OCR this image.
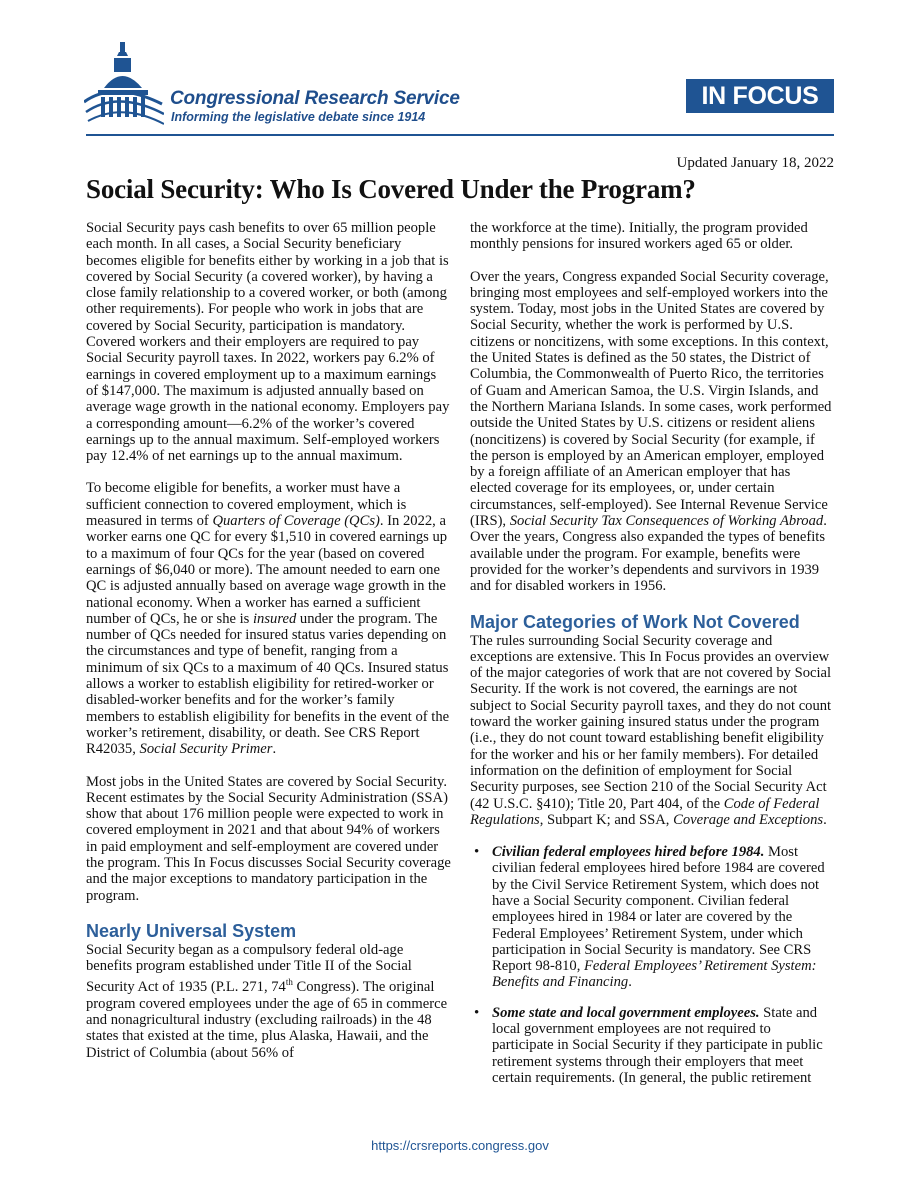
Congressional Research Service
Informing the legislative debate since 1914
IN FOCUS
Updated January 18, 2022
Social Security: Who Is Covered Under the Program?

Social Security pays cash benefits to over 65 million people each month. In all cases, a Social Security beneficiary becomes eligible for benefits either by working in a job that is covered by Social Security (a covered worker), by having a close family relationship to a covered worker, or both (among other requirements). For people who work in jobs that are covered by Social Security, participation is mandatory. Covered workers and their employers are required to pay Social Security payroll taxes. In 2022, workers pay 6.2% of earnings in covered employment up to a maximum earnings of $147,000. The maximum is adjusted annually based on average wage growth in the national economy. Employers pay a corresponding amount—6.2% of the worker’s covered earnings up to the annual maximum. Self-employed workers pay 12.4% of net earnings up to the annual maximum.

To become eligible for benefits, a worker must have a sufficient connection to covered employment, which is measured in terms of Quarters of Coverage (QCs). In 2022, a worker earns one QC for every $1,510 in covered earnings up to a maximum of four QCs for the year (based on covered earnings of $6,040 or more). The amount needed to earn one QC is adjusted annually based on average wage growth in the national economy. When a worker has earned a sufficient number of QCs, he or she is insured under the program. The number of QCs needed for insured status varies depending on the circumstances and type of benefit, ranging from a minimum of six QCs to a maximum of 40 QCs. Insured status allows a worker to establish eligibility for retired-worker or disabled-worker benefits and for the worker’s family members to establish eligibility for benefits in the event of the worker’s retirement, disability, or death. See CRS Report R42035, Social Security Primer.

Most jobs in the United States are covered by Social Security. Recent estimates by the Social Security Administration (SSA) show that about 176 million people were expected to work in covered employment in 2021 and that about 94% of workers in paid employment and self-employment are covered under the program. This In Focus discusses Social Security coverage and the major exceptions to mandatory participation in the program.

Nearly Universal System

Social Security began as a compulsory federal old-age benefits program established under Title II of the Social Security Act of 1935 (P.L. 271, 74th Congress). The original program covered employees under the age of 65 in commerce and nonagricultural industry (excluding railroads) in the 48 states that existed at the time, plus Alaska, Hawaii, and the District of Columbia (about 56% of

the workforce at the time). Initially, the program provided monthly pensions for insured workers aged 65 or older.

Over the years, Congress expanded Social Security coverage, bringing most employees and self-employed workers into the system. Today, most jobs in the United States are covered by Social Security, whether the work is performed by U.S. citizens or noncitizens, with some exceptions. In this context, the United States is defined as the 50 states, the District of Columbia, the Commonwealth of Puerto Rico, the territories of Guam and American Samoa, the U.S. Virgin Islands, and the Northern Mariana Islands. In some cases, work performed outside the United States by U.S. citizens or resident aliens (noncitizens) is covered by Social Security (for example, if the person is employed by an American employer, employed by a foreign affiliate of an American employer that has elected coverage for its employees, or, under certain circumstances, self-employed). See Internal Revenue Service (IRS), Social Security Tax Consequences of Working Abroad. Over the years, Congress also expanded the types of benefits available under the program. For example, benefits were provided for the worker’s dependents and survivors in 1939 and for disabled workers in 1956.

Major Categories of Work Not Covered

The rules surrounding Social Security coverage and exceptions are extensive. This In Focus provides an overview of the major categories of work that are not covered by Social Security. If the work is not covered, the earnings are not subject to Social Security payroll taxes, and they do not count toward the worker gaining insured status under the program (i.e., they do not count toward establishing benefit eligibility for the worker and his or her family members). For detailed information on the definition of employment for Social Security purposes, see Section 210 of the Social Security Act (42 U.S.C. §410); Title 20, Part 404, of the Code of Federal Regulations, Subpart K; and SSA, Coverage and Exceptions.

• Civilian federal employees hired before 1984. Most civilian federal employees hired before 1984 are covered by the Civil Service Retirement System, which does not have a Social Security component. Civilian federal employees hired in 1984 or later are covered by the Federal Employees’ Retirement System, under which participation in Social Security is mandatory. See CRS Report 98-810, Federal Employees’ Retirement System: Benefits and Financing.
• Some state and local government employees. State and local government employees are not required to participate in Social Security if they participate in public retirement systems through their employers that meet certain requirements. (In general, the public retirement
https://crsreports.congress.gov
